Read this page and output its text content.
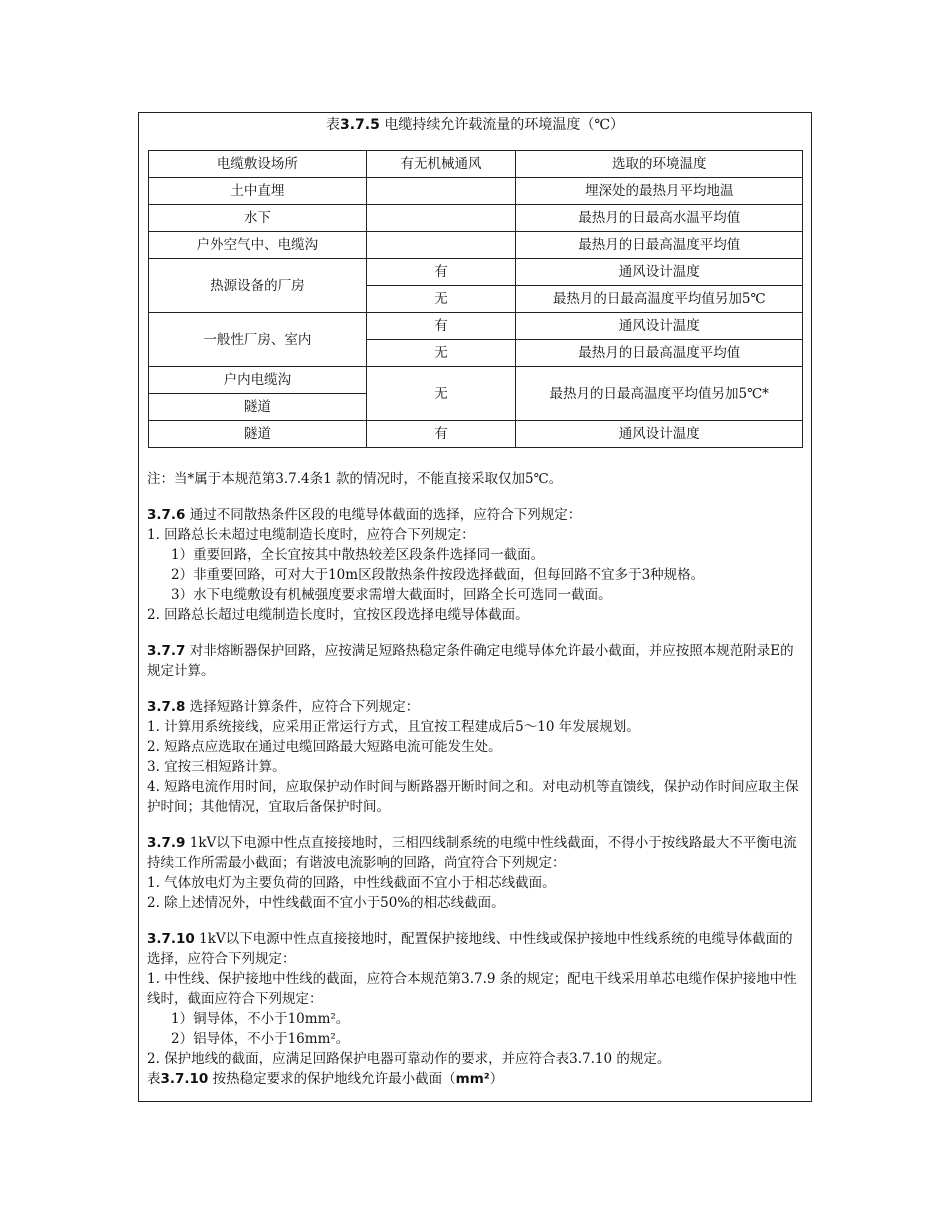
表3.7.5 电缆持续允许载流量的环境温度（℃）
电缆敷设场所	有无机械通风	选取的环境温度
土中直埋		埋深处的最热月平均地温
水下		最热月的日最高水温平均值
户外空气中、电缆沟		最热月的日最高温度平均值
热源设备的厂房	有	通风设计温度
	无	最热月的日最高温度平均值另加5℃
一般性厂房、室内	有	通风设计温度
	无	最热月的日最高温度平均值
户内电缆沟	无	最热月的日最高温度平均值另加5℃*
隧道		
隧道	有	通风设计温度

注：当*属于本规范第3.7.4条1 款的情况时，不能直接采取仅加5℃。

3.7.6 通过不同散热条件区段的电缆导体截面的选择，应符合下列规定：

1. 回路总长未超过电缆制造长度时，应符合下列规定：

1）重要回路，全长宜按其中散热较差区段条件选择同一截面。

2）非重要回路，可对大于10m区段散热条件按段选择截面，但每回路不宜多于3种规格。

3）水下电缆敷设有机械强度要求需增大截面时，回路全长可选同一截面。

2. 回路总长超过电缆制造长度时，宜按区段选择电缆导体截面。

3.7.7 对非熔断器保护回路，应按满足短路热稳定条件确定电缆导体允许最小截面，并应按照本规范附录E的规定计算。

3.7.8 选择短路计算条件，应符合下列规定：

1. 计算用系统接线，应采用正常运行方式，且宜按工程建成后5～10 年发展规划。

2. 短路点应选取在通过电缆回路最大短路电流可能发生处。

3. 宜按三相短路计算。

4. 短路电流作用时间，应取保护动作时间与断路器开断时间之和。对电动机等直馈线，保护动作时间应取主保护时间；其他情况，宜取后备保护时间。

3.7.9 1kV以下电源中性点直接接地时，三相四线制系统的电缆中性线截面，不得小于按线路最大不平衡电流持续工作所需最小截面；有谐波电流影响的回路，尚宜符合下列规定：

1. 气体放电灯为主要负荷的回路，中性线截面不宜小于相芯线截面。

2. 除上述情况外，中性线截面不宜小于50%的相芯线截面。

3.7.10 1kV以下电源中性点直接接地时，配置保护接地线、中性线或保护接地中性线系统的电缆导体截面的选择，应符合下列规定：

1. 中性线、保护接地中性线的截面，应符合本规范第3.7.9 条的规定；配电干线采用单芯电缆作保护接地中性线时，截面应符合下列规定：

1）铜导体，不小于10mm²。

2）铝导体，不小于16mm²。

2. 保护地线的截面，应满足回路保护电器可靠动作的要求，并应符合表3.7.10 的规定。

表3.7.10 按热稳定要求的保护地线允许最小截面（mm²）
